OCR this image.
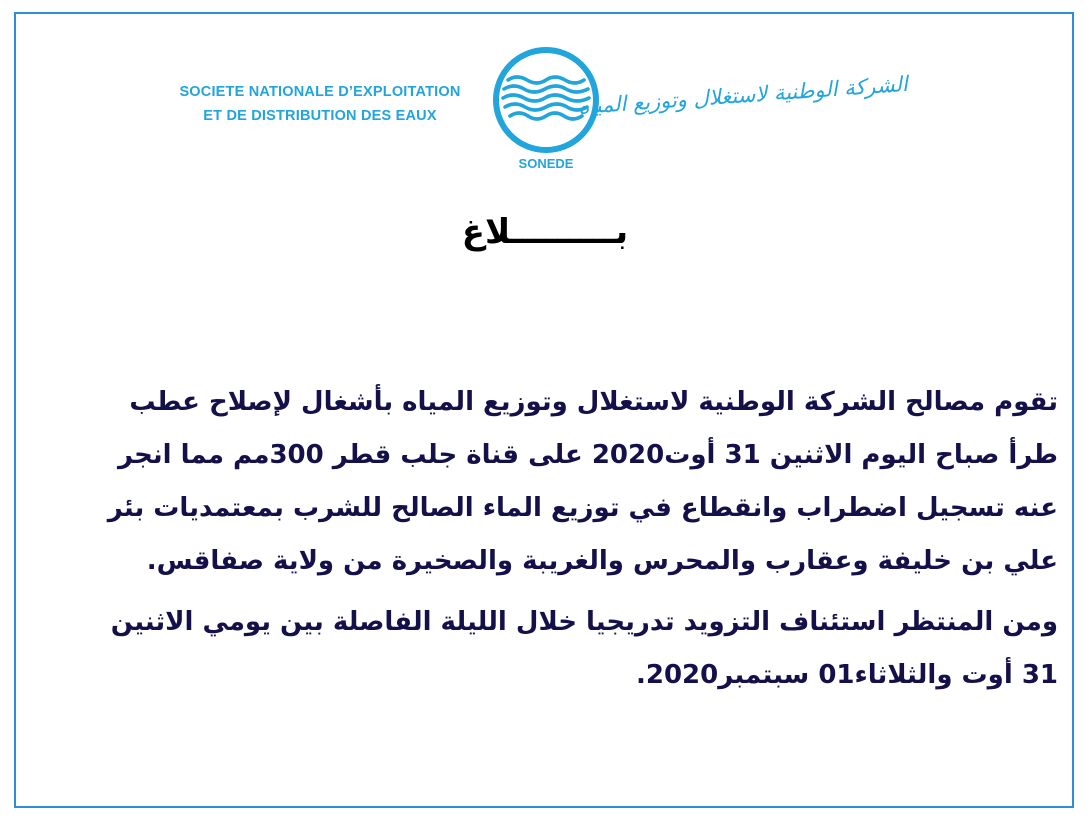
SOCIETE NATIONALE D’EXPLOITATION
ET DE DISTRIBUTION DES EAUX
SONEDE
الشركة الوطنية لاستغلال وتوزيع المياه
بـــــــــلاغ
تقوم مصالح الشركة الوطنية لاستغلال وتوزيع المياه بأشغال لإصلاح عطب
طرأ صباح اليوم الاثنين 31 أوت2020 على قناة جلب قطر 300مم مما انجر
عنه تسجيل اضطراب وانقطاع في توزيع الماء الصالح للشرب بمعتمديات بئر
علي بن خليفة وعقارب والمحرس والغريبة والصخيرة من ولاية صفاقس.
ومن المنتظر استئناف التزويد تدريجيا خلال الليلة الفاصلة بين يومي الاثنين
31 أوت والثلاثاء01 سبتمبر2020.
